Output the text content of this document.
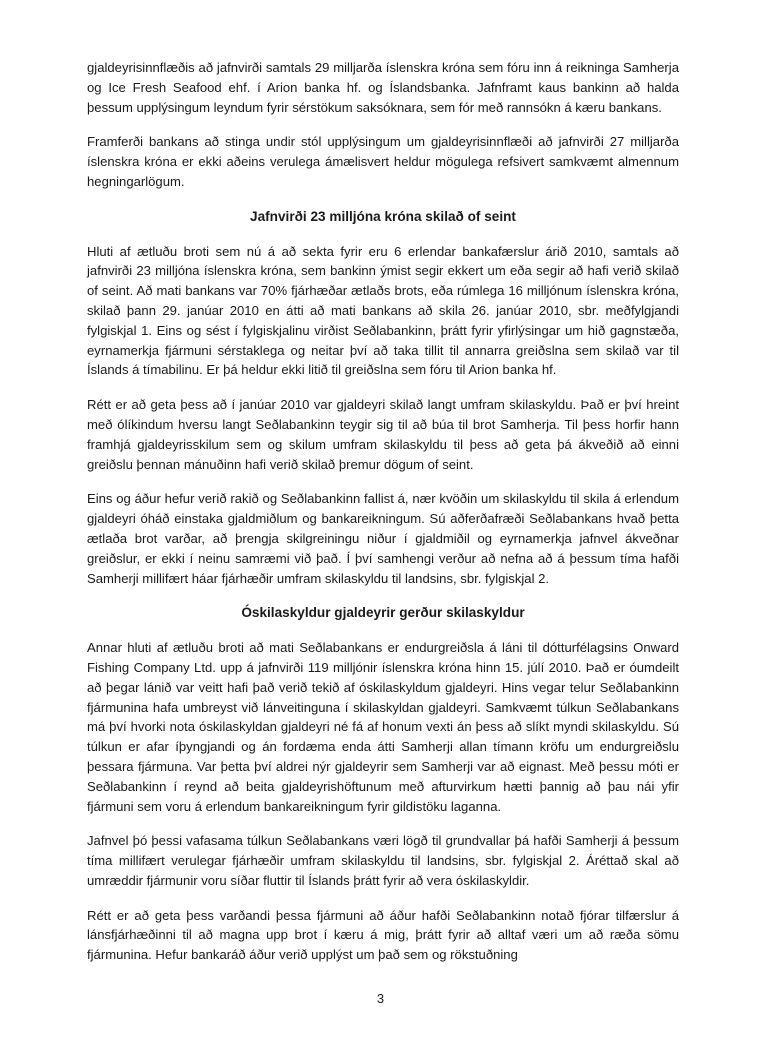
gjaldeyrisinnflæðis að jafnvirði samtals 29 milljarða íslenskra króna sem fóru inn á reikninga Samherja og Ice Fresh Seafood ehf. í Arion banka hf. og Íslandsbanka. Jafnframt kaus bankinn að halda þessum upplýsingum leyndum fyrir sérstökum saksóknara, sem fór með rannsókn á kæru bankans.

Framferði bankans að stinga undir stól upplýsingum um gjaldeyrisinnflæði að jafnvirði 27 milljarða íslenskra króna er ekki aðeins verulega ámælisvert heldur mögulega refsivert samkvæmt almennum hegningarlögum.

Jafnvirði 23 milljóna króna skilað of seint

Hluti af ætluðu broti sem nú á að sekta fyrir eru 6 erlendar bankafærslur árið 2010, samtals að jafnvirði 23 milljóna íslenskra króna, sem bankinn ýmist segir ekkert um eða segir að hafi verið skilað of seint. Að mati bankans var 70% fjárhæðar ætlaðs brots, eða rúmlega 16 milljónum íslenskra króna, skilað þann 29. janúar 2010 en átti að mati bankans að skila 26. janúar 2010, sbr. meðfylgjandi fylgiskjal 1. Eins og sést í fylgiskjalinu virðist Seðlabankinn, þrátt fyrir yfirlýsingar um hið gagnstæða, eyrnamerkja fjármuni sérstaklega og neitar því að taka tillit til annarra greiðslna sem skilað var til Íslands á tímabilinu. Er þá heldur ekki litið til greiðslna sem fóru til Arion banka hf.

Rétt er að geta þess að í janúar 2010 var gjaldeyri skilað langt umfram skilaskyldu. Það er því hreint með ólíkindum hversu langt Seðlabankinn teygir sig til að búa til brot Samherja. Til þess horfir hann framhjá gjaldeyrisskilum sem og skilum umfram skilaskyldu til þess að geta þá ákveðið að einni greiðslu þennan mánuðinn hafi verið skilað þremur dögum of seint.

Eins og áður hefur verið rakið og Seðlabankinn fallist á, nær kvöðin um skilaskyldu til skila á erlendum gjaldeyri óháð einstaka gjaldmiðlum og bankareikningum. Sú aðferðafræði Seðlabankans hvað þetta ætlaða brot varðar, að þrengja skilgreiningu niður í gjaldmiðil og eyrnamerkja jafnvel ákveðnar greiðslur, er ekki í neinu samræmi við það. Í því samhengi verður að nefna að á þessum tíma hafði Samherji millifært háar fjárhæðir umfram skilaskyldu til landsins, sbr. fylgiskjal 2.

Óskilaskyldur gjaldeyrir gerður skilaskyldur

Annar hluti af ætluðu broti að mati Seðlabankans er endurgreiðsla á láni til dótturfélagsins Onward Fishing Company Ltd. upp á jafnvirði 119 milljónir íslenskra króna hinn 15. júlí 2010. Það er óumdeilt að þegar lánið var veitt hafi það verið tekið af óskilaskyldum gjaldeyri. Hins vegar telur Seðlabankinn fjármunina hafa umbreyst við lánveitinguna í skilaskyldan gjaldeyri. Samkvæmt túlkun Seðlabankans má því hvorki nota óskilaskyldan gjaldeyri né fá af honum vexti án þess að slíkt myndi skilaskyldu. Sú túlkun er afar íþyngjandi og án fordæma enda átti Samherji allan tímann kröfu um endurgreiðslu þessara fjármuna. Var þetta því aldrei nýr gjaldeyrir sem Samherji var að eignast. Með þessu móti er Seðlabankinn í reynd að beita gjaldeyrishöftunum með afturvirkum hætti þannig að þau nái yfir fjármuni sem voru á erlendum bankareikningum fyrir gildistöku laganna.

Jafnvel þó þessi vafasama túlkun Seðlabankans væri lögð til grundvallar þá hafði Samherji á þessum tíma millifært verulegar fjárhæðir umfram skilaskyldu til landsins, sbr. fylgiskjal 2. Áréttað skal að umræddir fjármunir voru síðar fluttir til Íslands þrátt fyrir að vera óskilaskyldir.

Rétt er að geta þess varðandi þessa fjármuni að áður hafði Seðlabankinn notað fjórar tilfærslur á lánsfjárhæðinni til að magna upp brot í kæru á mig, þrátt fyrir að alltaf væri um að ræða sömu fjármunina. Hefur bankaráð áður verið upplýst um það sem og rökstuðning

3
